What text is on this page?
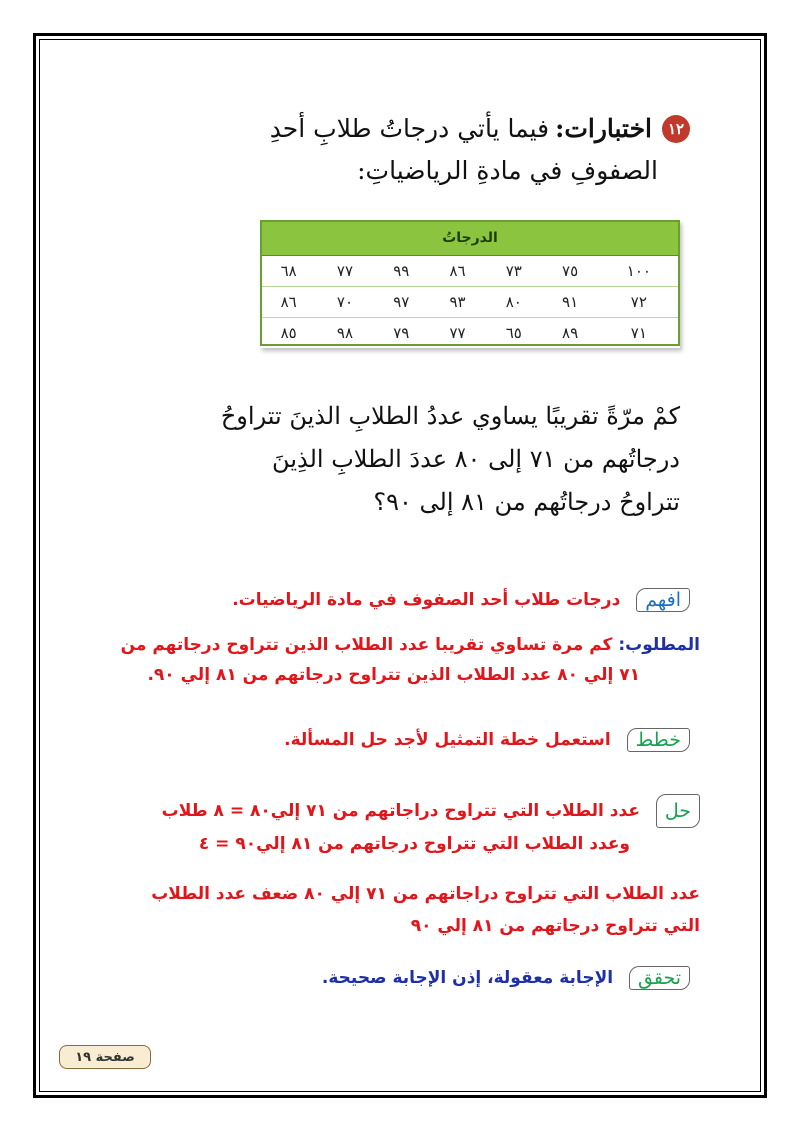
١٢
اختبارات:
فيما يأتي درجاتُ طلابِ أحدِ
الصفوفِ في مادةِ الرياضياتِ:
الدرجاتُ						
١٠٠	٧٥	٧٣	٨٦	٩٩	٧٧	٦٨
٧٢	٩١	٨٠	٩٣	٩٧	٧٠	٨٦
٧١	٨٩	٦٥	٧٧	٧٩	٩٨	٨٥
كمْ مرّةً تقريبًا يساوي عددُ الطلابِ الذينَ تتراوحُ
درجاتُهم من ٧١ إلى ٨٠ عددَ الطلابِ الذِينَ
تتراوحُ درجاتُهم من ٨١ إلى ٩٠؟
افهم درجات طلاب أحد الصفوف في مادة الرياضيات.
المطلوب: كم مرة تساوي تقريبا عدد الطلاب الذين تتراوح درجاتهم من
٧١ إلي ٨٠ عدد الطلاب الذين تتراوح درجاتهم من ٨١ إلي ٩٠.
خطط استعمل خطة التمثيل لأجد حل المسألة.
حل عدد الطلاب التي تتراوح دراجاتهم من ٧١ إلي٨٠ = ٨ طلاب
وعدد الطلاب التي تتراوح درجاتهم من ٨١ إلي٩٠ = ٤
عدد الطلاب التي تتراوح دراجاتهم من ٧١ إلي ٨٠ ضعف عدد الطلاب
التي تتراوح درجاتهم من ٨١ إلي ٩٠
تحقق الإجابة معقولة، إذن الإجابة صحيحة.
صفحة ١٩
